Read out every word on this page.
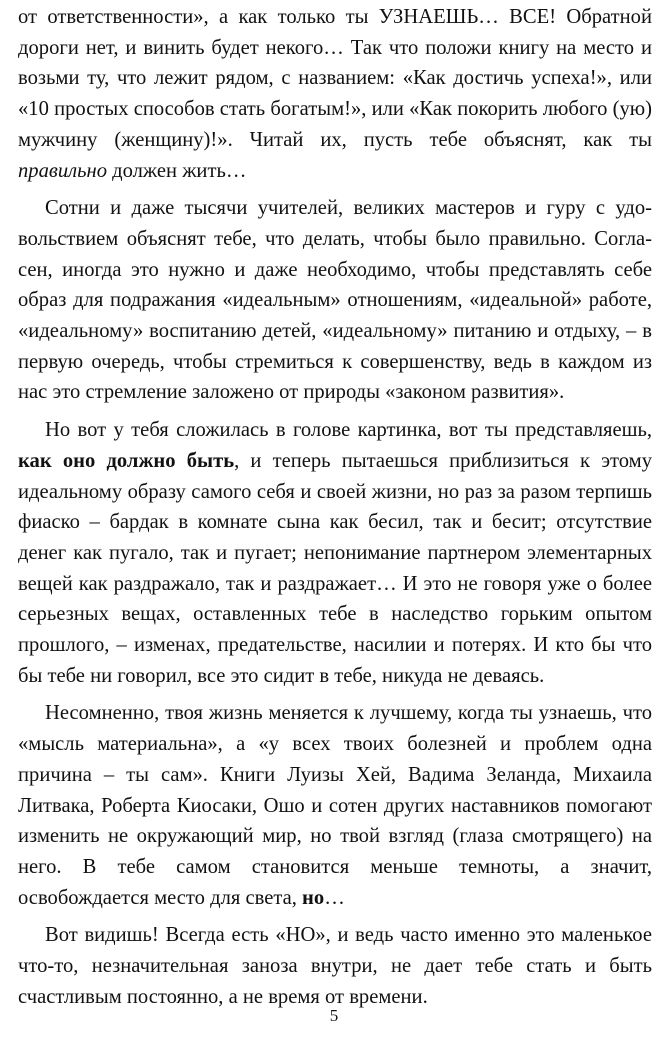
от ответственности», а как только ты УЗНАЕШЬ… ВСЕ! Обратной дороги нет, и винить будет некого… Так что положи книгу на место и возьми ту, что лежит рядом, с названием: «Как достичь успеха!», или «10 простых способов стать богатым!», или «Как покорить любого (ую) мужчину (женщину)!». Читай их, пусть тебе объяснят, как ты правильно должен жить…

Сотни и даже тысячи учителей, великих мастеров и гуру с удовольствием объяснят тебе, что делать, чтобы было правильно. Согласен, иногда это нужно и даже необходимо, чтобы представлять себе образ для подражания «идеальным» отношениям, «идеальной» работе, «идеальному» воспитанию детей, «идеальному» питанию и отдыху, – в первую очередь, чтобы стремиться к совершенству, ведь в каждом из нас это стремление заложено от природы «законом развития».

Но вот у тебя сложилась в голове картинка, вот ты представляешь, как оно должно быть, и теперь пытаешься приблизиться к этому идеальному образу самого себя и своей жизни, но раз за разом терпишь фиаско – бардак в комнате сына как бесил, так и бесит; отсутствие денег как пугало, так и пугает; непонимание партнером элементарных вещей как раздражало, так и раздражает… И это не говоря уже о более серьезных вещах, оставленных тебе в наследство горьким опытом прошлого, – изменах, предательстве, насилии и потерях. И кто бы что бы тебе ни говорил, все это сидит в тебе, никуда не деваясь.

Несомненно, твоя жизнь меняется к лучшему, когда ты узнаешь, что «мысль материальна», а «у всех твоих болезней и проблем одна причина – ты сам». Книги Луизы Хей, Вадима Зеланда, Михаила Литвака, Роберта Киосаки, Ошо и сотен других наставников помогают изменить не окружающий мир, но твой взгляд (глаза смотрящего) на него. В тебе самом становится меньше темноты, а значит, освобождается место для света, но…

Вот видишь! Всегда есть «НО», и ведь часто именно это маленькое что-то, незначительная заноза внутри, не дает тебе стать и быть счастливым постоянно, а не время от времени.

5
